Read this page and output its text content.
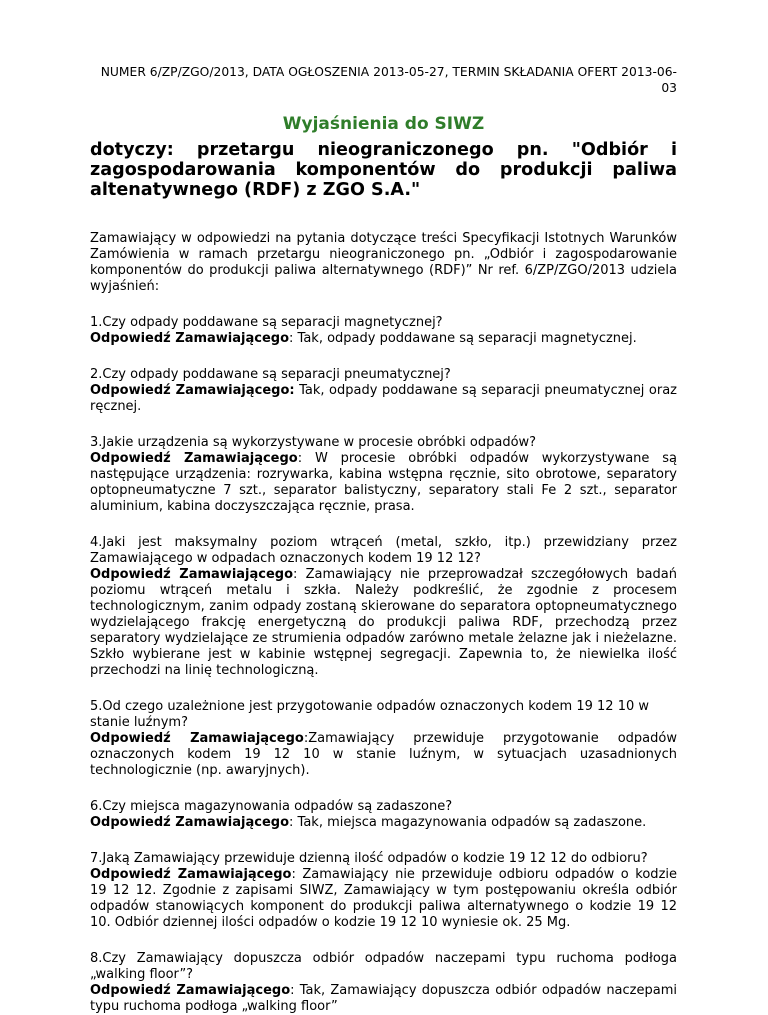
NUMER 6/ZP/ZGO/2013, DATA OGŁOSZENIA 2013-05-27, TERMIN SKŁADANIA OFERT 2013-06-03
Wyjaśnienia do SIWZ
dotyczy: przetargu nieograniczonego pn. "Odbiór i zagospodarowania komponentów do produkcji paliwa altenatywnego (RDF) z ZGO S.A."

Zamawiający w odpowiedzi na pytania dotyczące treści Specyfikacji Istotnych Warunków Zamówienia w ramach przetargu nieograniczonego pn. „Odbiór i zagospodarowanie komponentów do produkcji paliwa alternatywnego (RDF)” Nr ref. 6/ZP/ZGO/2013 udziela wyjaśnień:

1.Czy odpady poddawane są separacji magnetycznej?

Odpowiedź Zamawiającego: Tak, odpady poddawane są separacji magnetycznej.

2.Czy odpady poddawane są separacji pneumatycznej?

Odpowiedź Zamawiającego: Tak, odpady poddawane są separacji pneumatycznej oraz ręcznej.

3.Jakie urządzenia są wykorzystywane w procesie obróbki odpadów?

Odpowiedź Zamawiającego: W procesie obróbki odpadów wykorzystywane są następujące urządzenia: rozrywarka, kabina wstępna ręcznie, sito obrotowe, separatory optopneumatyczne 7 szt., separator balistyczny, separatory stali Fe 2 szt., separator aluminium, kabina doczyszczająca ręcznie, prasa.

4.Jaki jest maksymalny poziom wtrąceń (metal, szkło, itp.) przewidziany przez Zamawiającego w odpadach oznaczonych kodem 19 12 12?

Odpowiedź Zamawiającego: Zamawiający nie przeprowadzał szczegółowych badań poziomu wtrąceń metalu i szkła. Należy podkreślić, że zgodnie z procesem technologicznym, zanim odpady zostaną skierowane do separatora optopneumatycznego wydzielającego frakcję energetyczną do produkcji paliwa RDF, przechodzą przez separatory wydzielające ze strumienia odpadów zarówno metale żelazne jak i nieżelazne. Szkło wybierane jest w kabinie wstępnej segregacji. Zapewnia to, że niewielka ilość przechodzi na linię technologiczną.

5.Od czego uzależnione jest przygotowanie odpadów oznaczonych kodem 19 12 10 w stanie luźnym?

Odpowiedź Zamawiającego:Zamawiający przewiduje przygotowanie odpadów oznaczonych kodem 19 12 10 w stanie luźnym, w sytuacjach uzasadnionych technologicznie (np. awaryjnych).

6.Czy miejsca magazynowania odpadów są zadaszone?

Odpowiedź Zamawiającego: Tak, miejsca magazynowania odpadów są zadaszone.

7.Jaką Zamawiający przewiduje dzienną ilość odpadów o kodzie 19 12 12 do odbioru?

Odpowiedź Zamawiającego: Zamawiający nie przewiduje odbioru odpadów o kodzie 19 12 12. Zgodnie z zapisami SIWZ, Zamawiający w tym postępowaniu określa odbiór odpadów stanowiących komponent do produkcji paliwa alternatywnego o kodzie 19 12 10. Odbiór dziennej ilości odpadów o kodzie 19 12 10 wyniesie ok. 25 Mg.

8.Czy Zamawiający dopuszcza odbiór odpadów naczepami typu ruchoma podłoga „walking floor”?

Odpowiedź Zamawiającego: Tak, Zamawiający dopuszcza odbiór odpadów naczepami typu ruchoma podłoga „walking floor”
